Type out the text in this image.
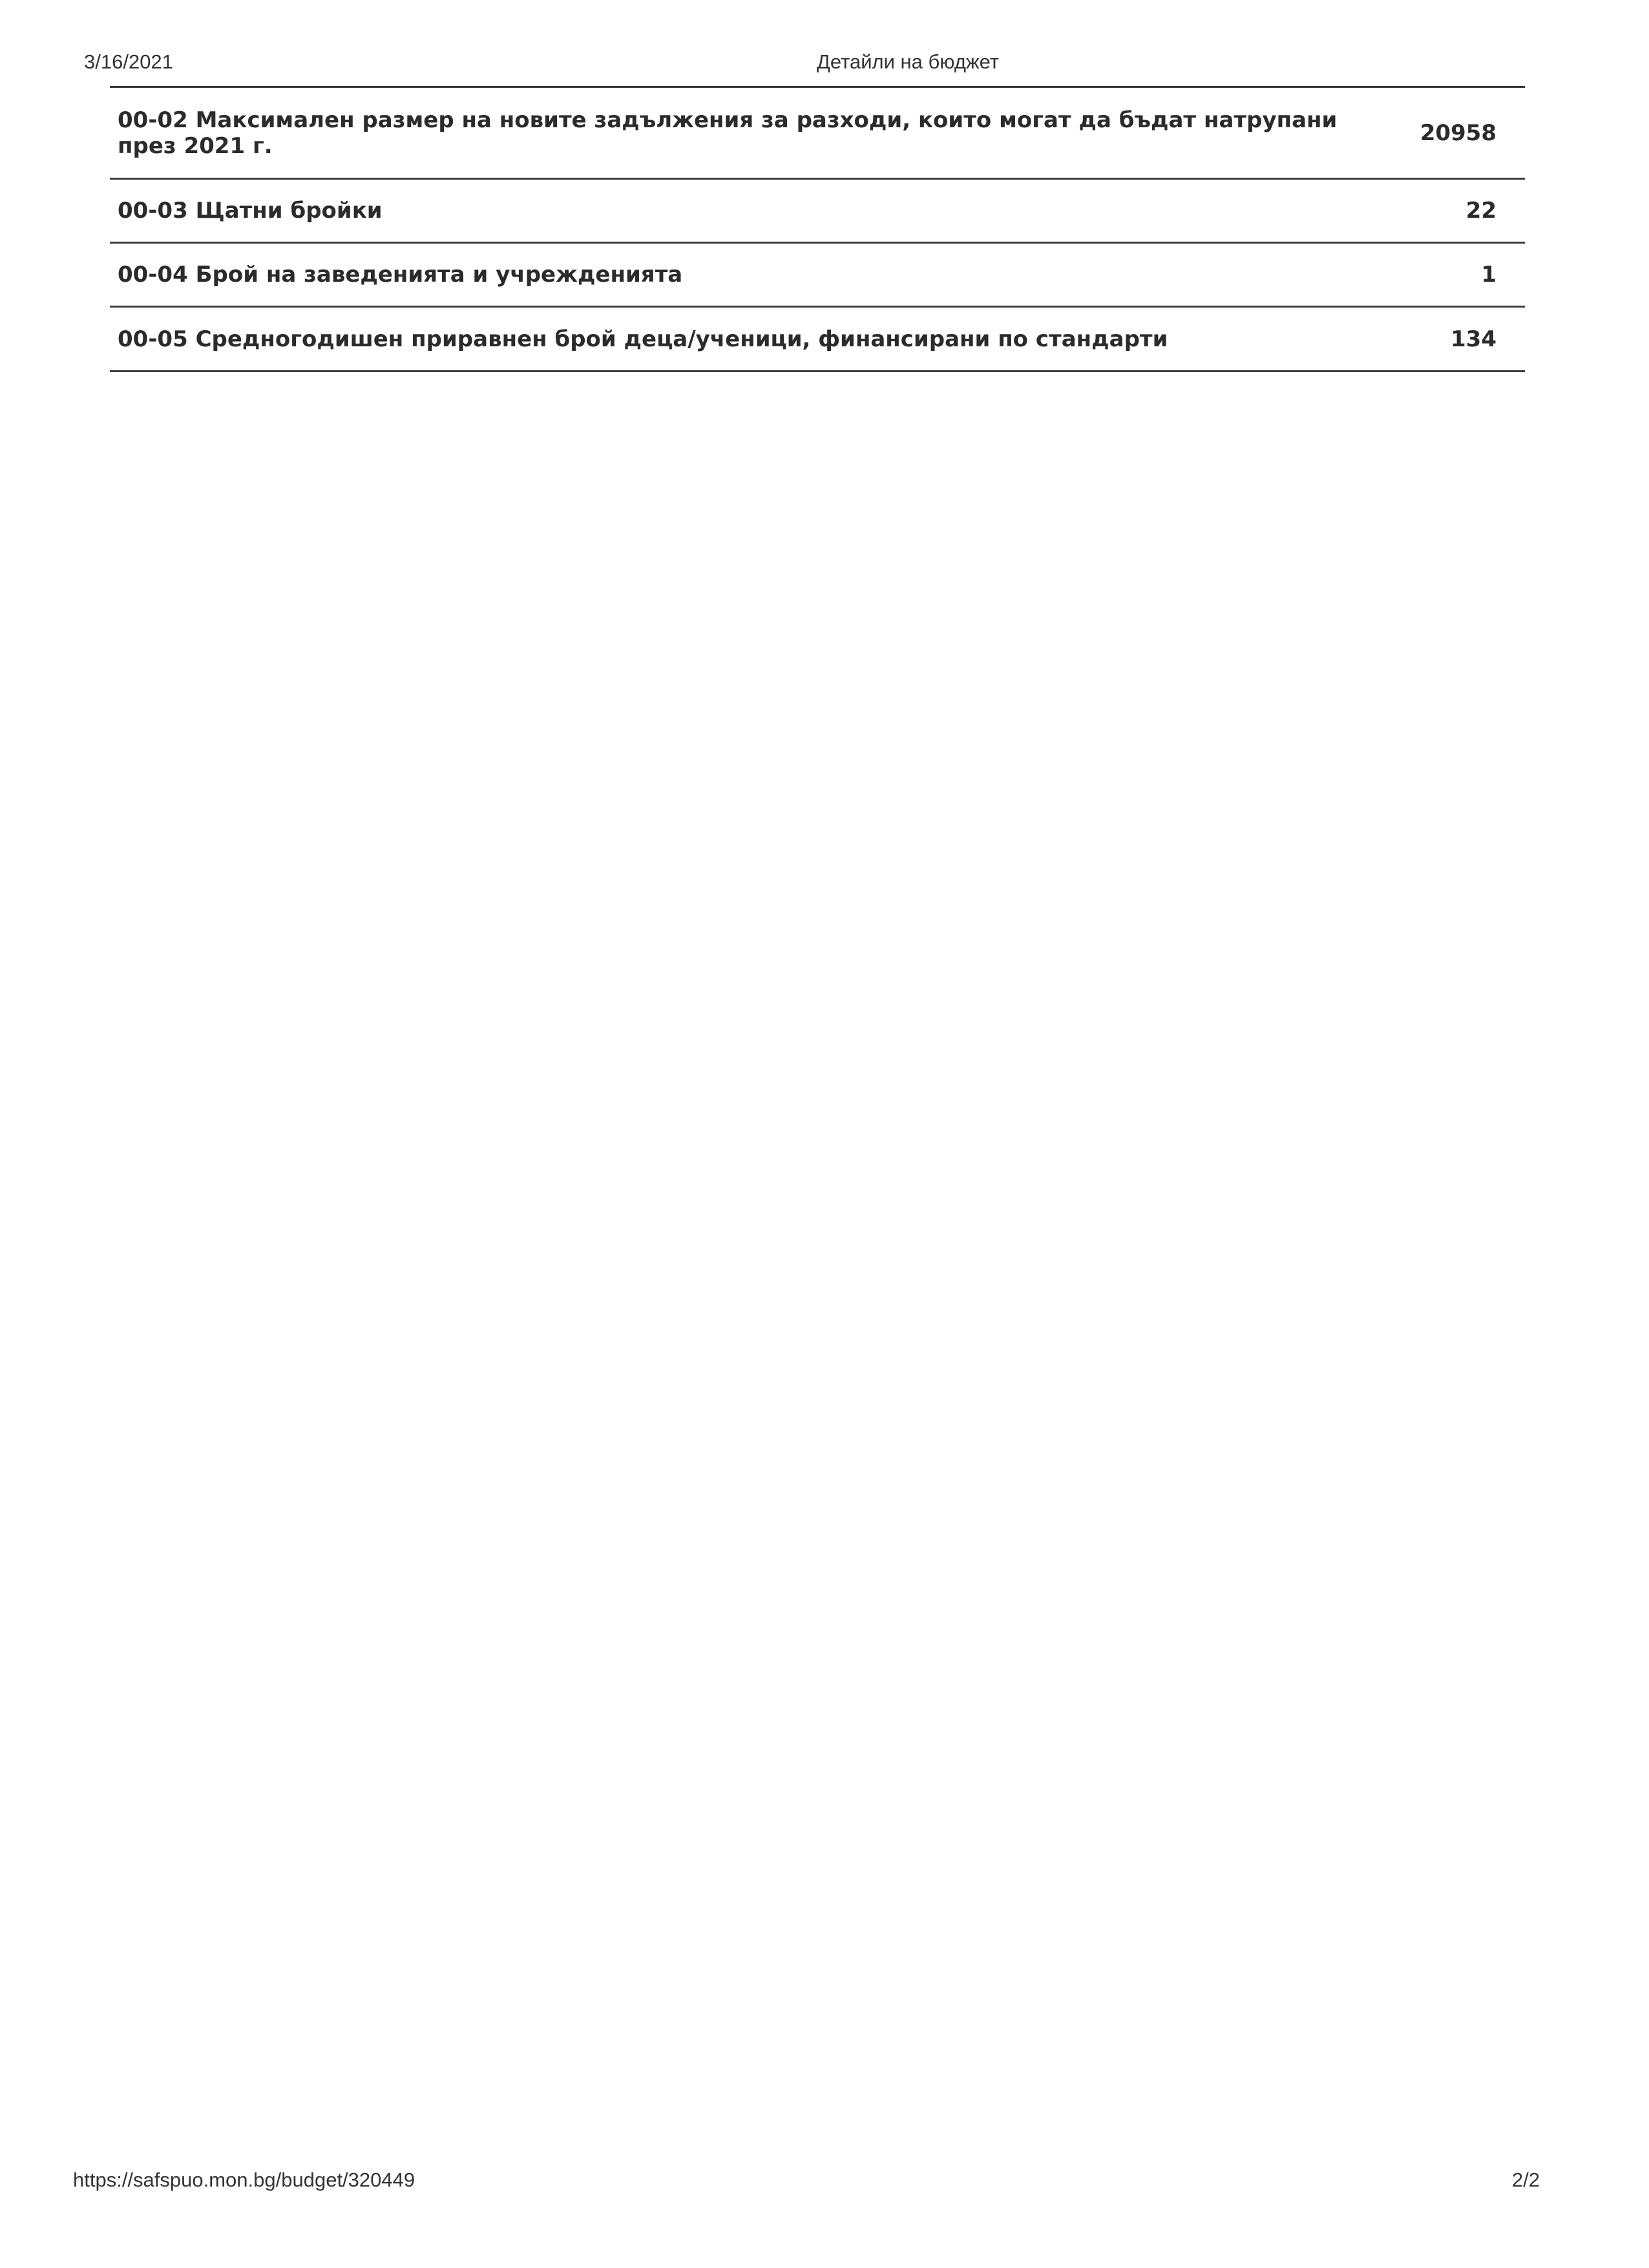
3/16/2021	Детайли на бюджет
00-02 Максимален размер на новите задължения за разходи, които могат да бъдат натрупани през 2021 г.	20958
00-03 Щатни бройки	22
00-04 Брой на заведенията и учрежденията	1
00-05 Средногодишен приравнен брой деца/ученици, финансирани по стандарти	134
https://safspuo.mon.bg/budget/320449	2/2
